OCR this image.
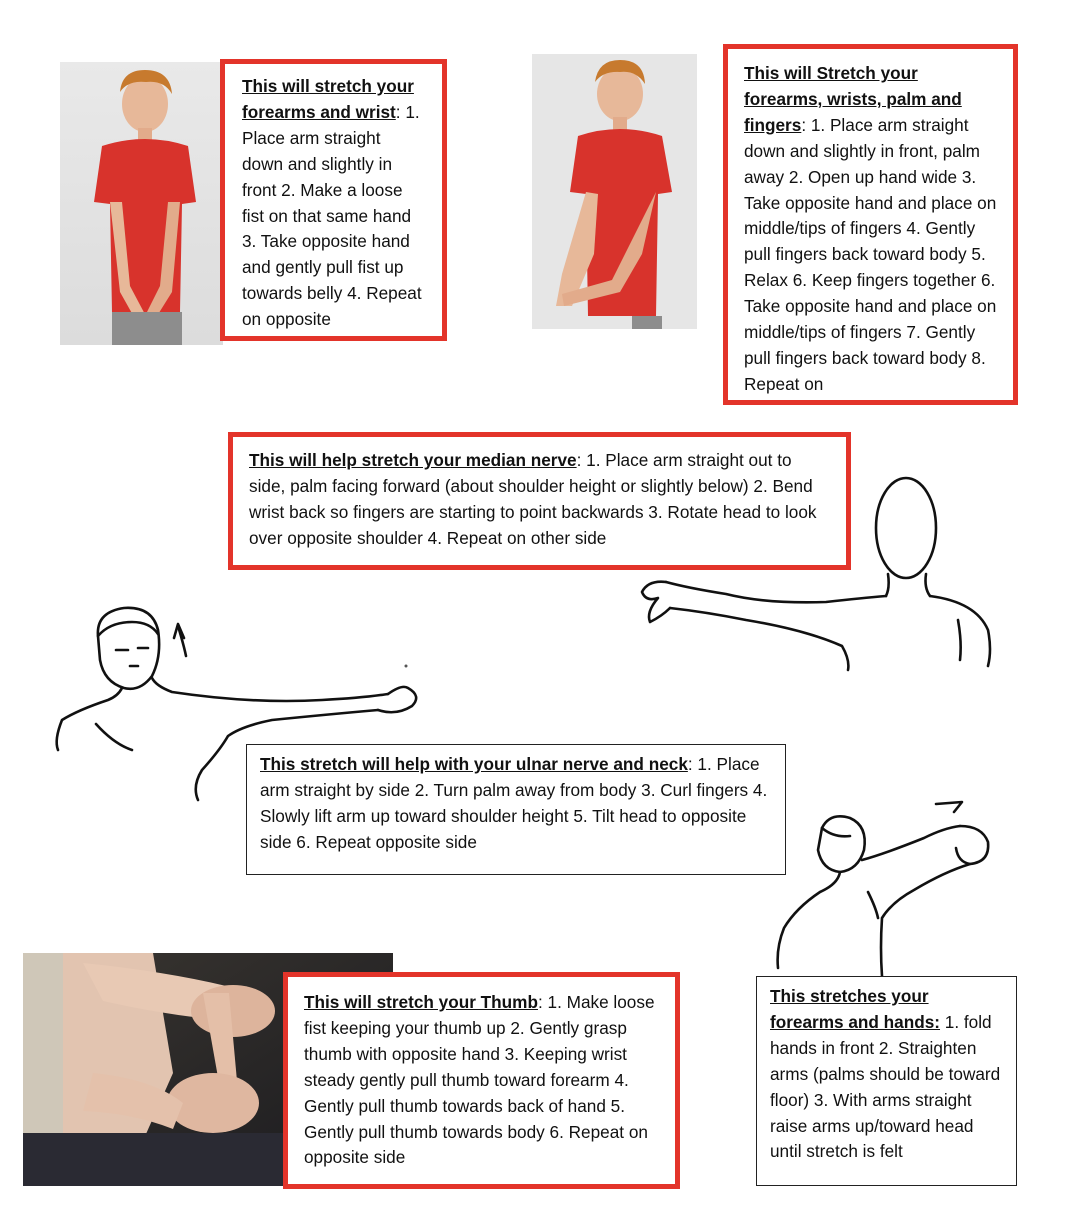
This will stretch your forearms and wrist: 1. Place arm straight down and slightly in front 2. Make a loose fist on that same hand 3. Take opposite hand and gently pull fist up towards belly 4. Repeat on opposite
This will Stretch your forearms, wrists, palm and fingers: 1. Place arm straight down and slightly in front, palm away 2. Open up hand wide 3. Take opposite hand and place on middle/tips of fingers 4. Gently pull fingers back toward body 5. Relax 6. Keep fingers together 6. Take opposite hand and place on middle/tips of fingers 7. Gently pull fingers back toward body 8. Repeat on
This will help stretch your median nerve: 1. Place arm straight out to side, palm facing forward (about shoulder height or slightly below) 2. Bend wrist back so fingers are starting to point backwards 3. Rotate head to look over opposite shoulder 4. Repeat on other side
This stretch will help with your ulnar nerve and neck: 1. Place arm straight by side 2. Turn palm away from body 3. Curl fingers 4. Slowly lift arm up toward shoulder height 5. Tilt head to opposite side 6. Repeat opposite side
This will stretch your Thumb: 1. Make loose fist keeping your thumb up 2. Gently grasp thumb with opposite hand 3. Keeping wrist steady gently pull thumb toward forearm 4. Gently pull thumb towards back of hand 5. Gently pull thumb towards body 6. Repeat on opposite side
This stretches your forearms and hands: 1. fold hands in front 2. Straighten arms (palms should be toward floor) 3. With arms straight raise arms up/toward head until stretch is felt
